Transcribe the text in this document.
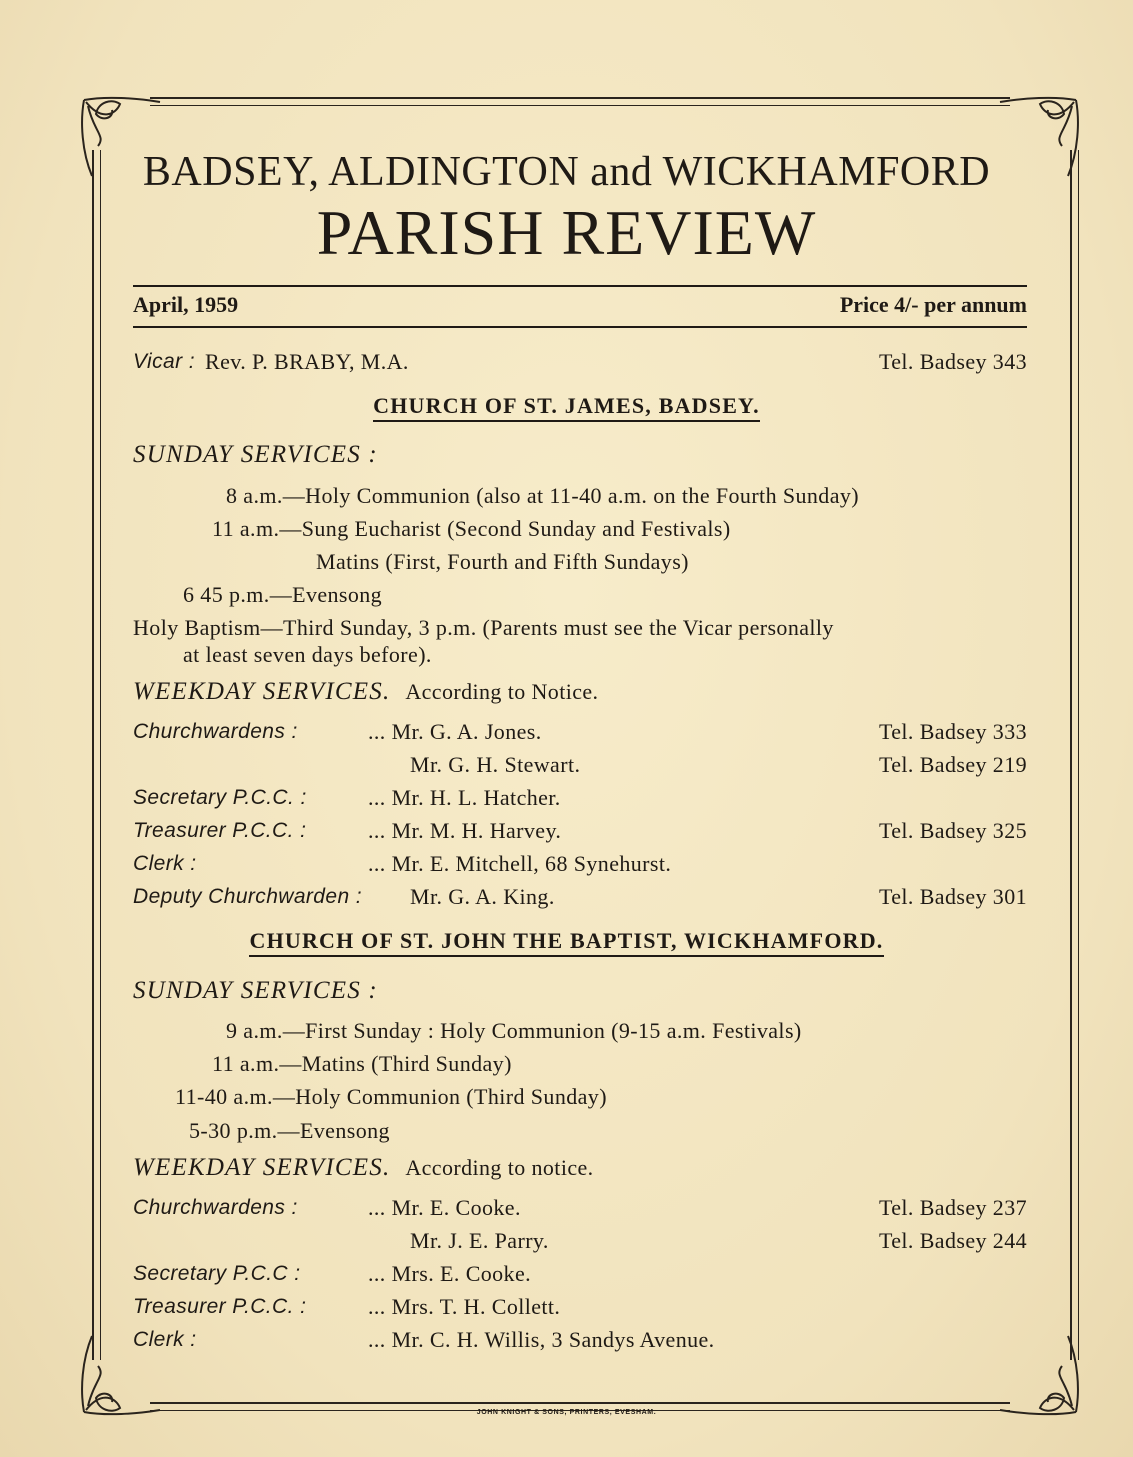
BADSEY, ALDINGTON and WICKHAMFORD
PARISH REVIEW
April, 1959	Price 4/- per annum
Vicar : Rev. P. BRABY, M.A.	Tel. Badsey 343
CHURCH OF ST. JAMES, BADSEY.
SUNDAY SERVICES :
8 a.m.—Holy Communion (also at 11-40 a.m. on the Fourth Sunday)
11 a.m.—Sung Eucharist (Second Sunday and Festivals)
Matins (First, Fourth and Fifth Sundays)
6 45 p.m.—Evensong
Holy Baptism—Third Sunday, 3 p.m. (Parents must see the Vicar personally
at least seven days before).
WEEKDAY SERVICES. According to Notice.
Churchwardens :	... Mr. G. A. Jones.	Tel. Badsey 333
Mr. G. H. Stewart.	Tel. Badsey 219
Secretary P.C.C. :	... Mr. H. L. Hatcher.
Treasurer P.C.C. :	... Mr. M. H. Harvey.	Tel. Badsey 325
Clerk :	... Mr. E. Mitchell, 68 Synehurst.
Deputy Churchwarden : Mr. G. A. King.	Tel. Badsey 301
CHURCH OF ST. JOHN THE BAPTIST, WICKHAMFORD.
SUNDAY SERVICES :
9 a.m.—First Sunday : Holy Communion (9-15 a.m. Festivals)
11 a.m.—Matins (Third Sunday)
11-40 a.m.—Holy Communion (Third Sunday)
5-30 p.m.—Evensong
WEEKDAY SERVICES. According to notice.
Churchwardens :	... Mr. E. Cooke.	Tel. Badsey 237
Mr. J. E. Parry.	Tel. Badsey 244
Secretary P.C.C :	... Mrs. E. Cooke.
Treasurer P.C.C. :	... Mrs. T. H. Collett.
Clerk :	... Mr. C. H. Willis, 3 Sandys Avenue.
JOHN KNIGHT & SONS, PRINTERS, EVESHAM.
